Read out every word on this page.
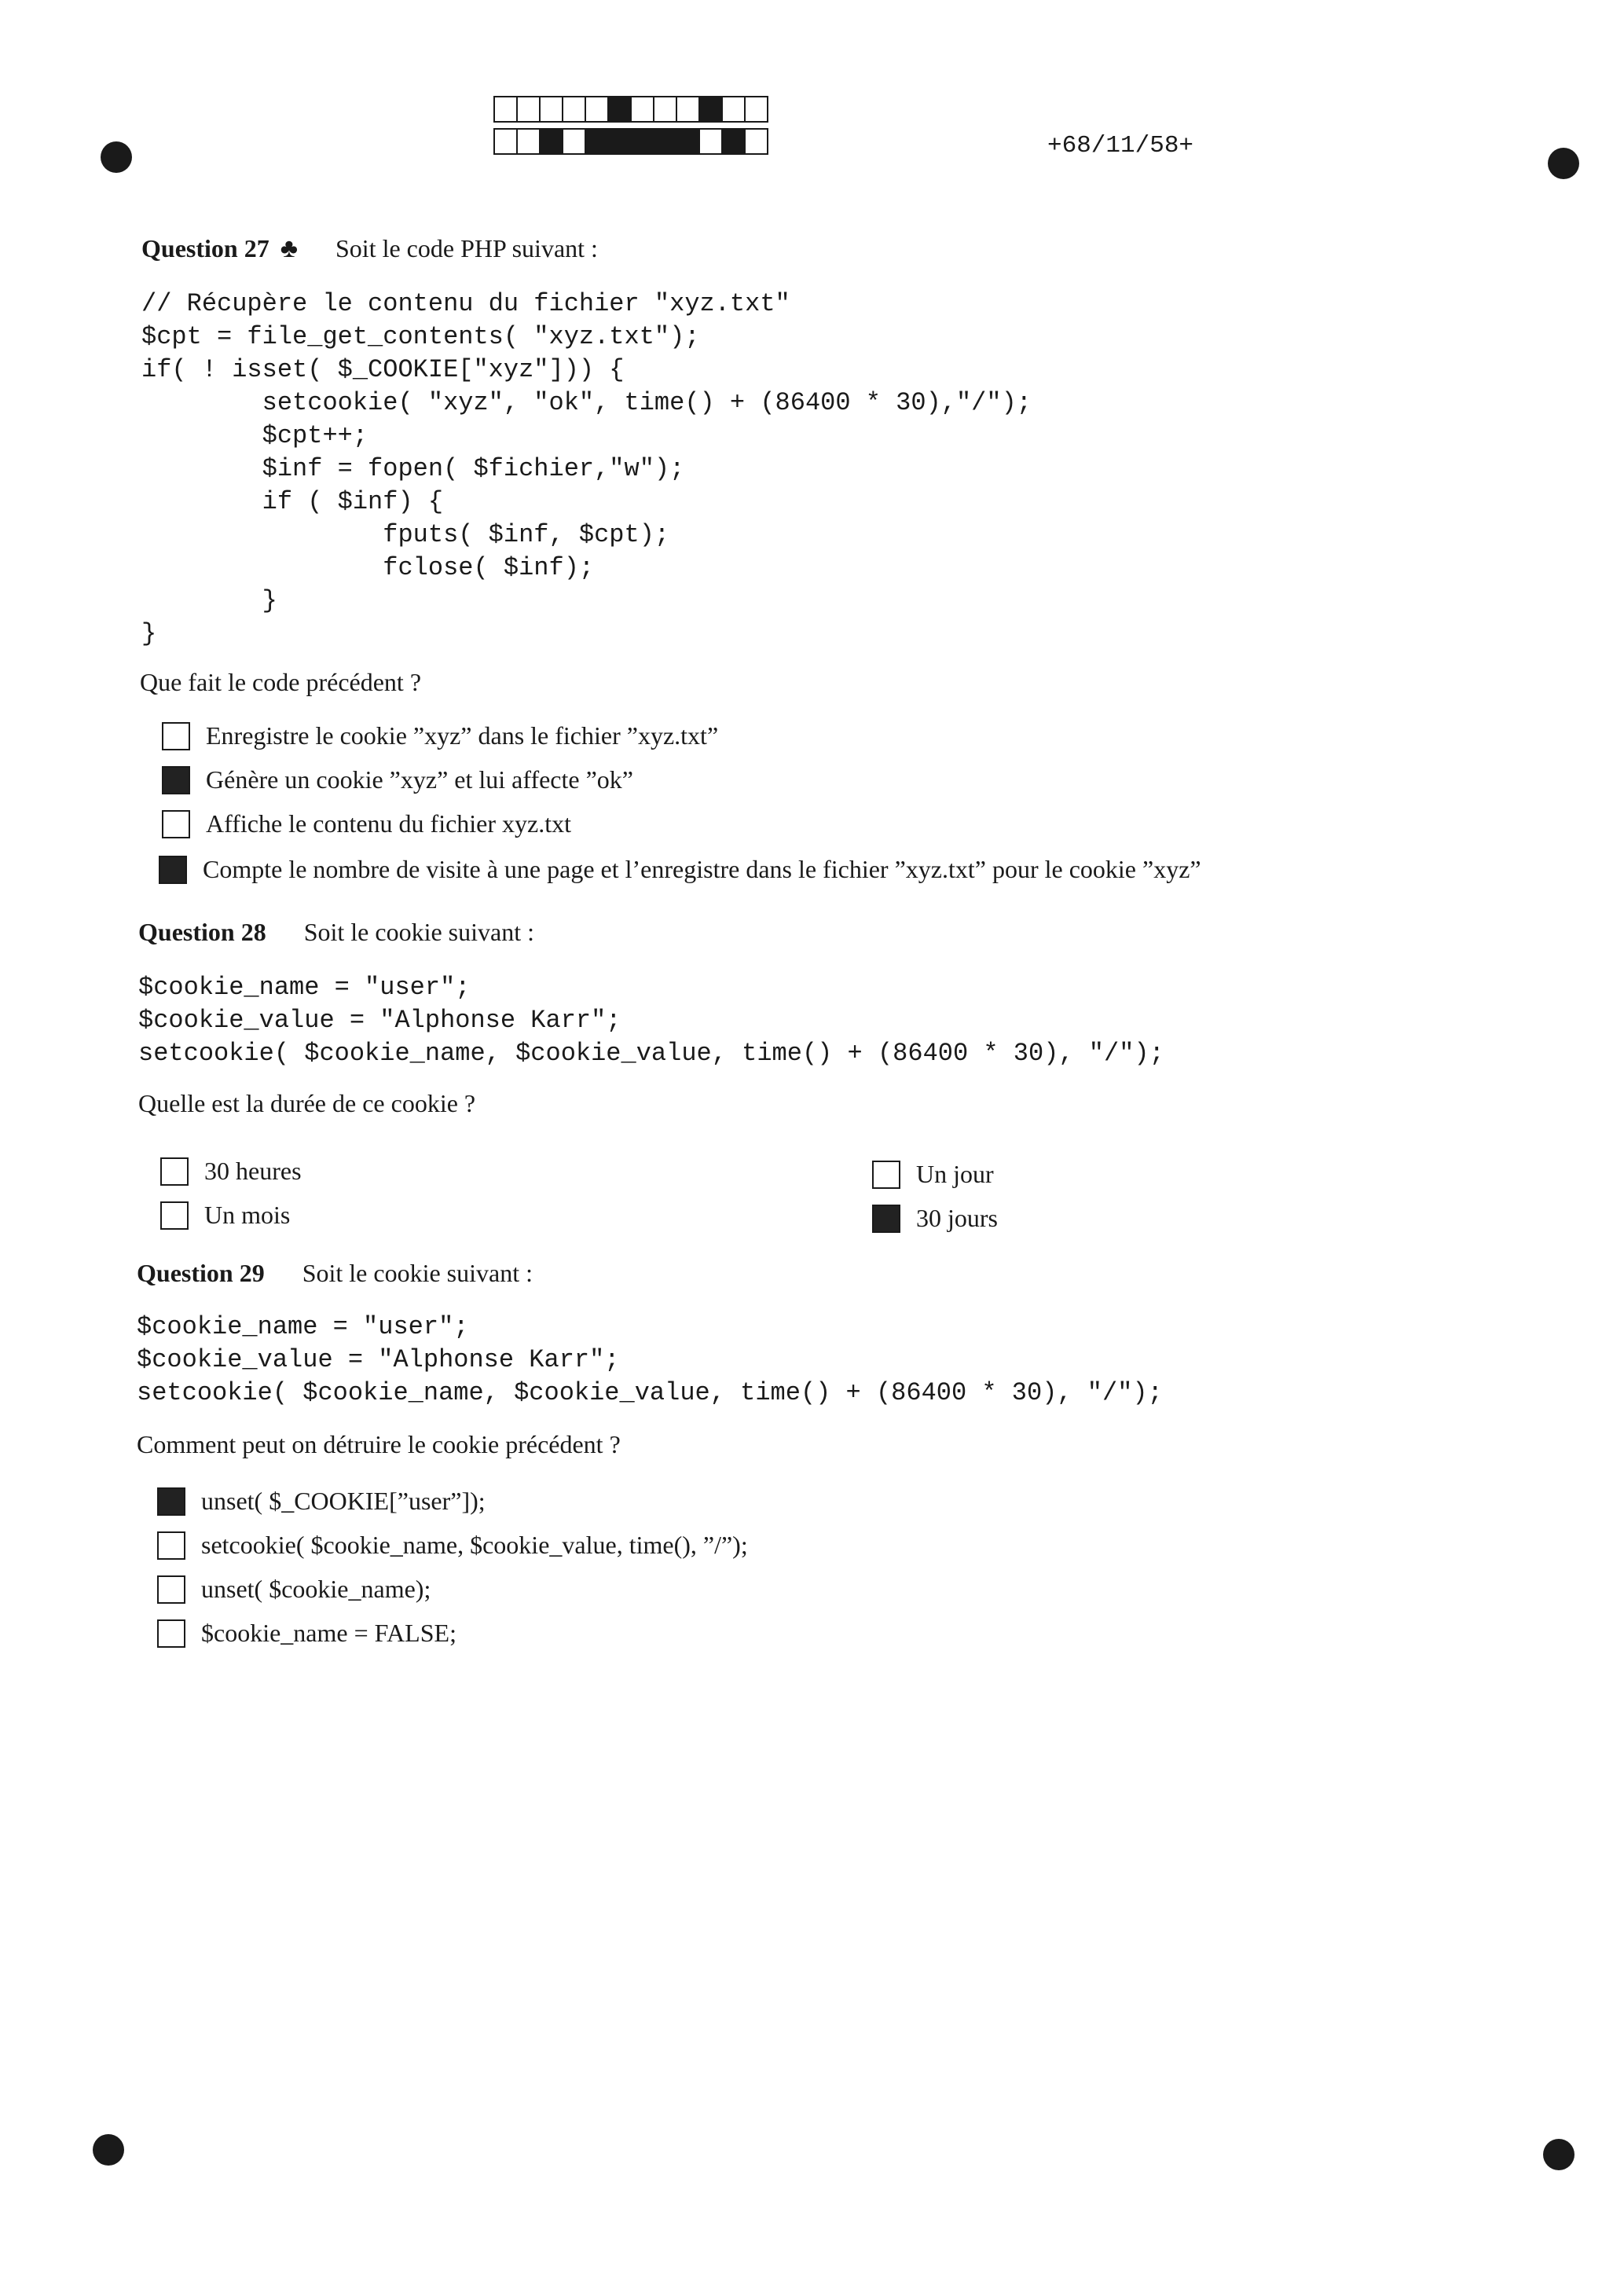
+68/11/58+
Question 27 ♣ Soit le code PHP suivant :
// Récupère le contenu du fichier "xyz.txt"
$cpt = file_get_contents( "xyz.txt");
if( ! isset( $_COOKIE["xyz"])) {
setcookie( "xyz", "ok", time() + (86400 * 30),"/");
$cpt++;
$inf = fopen( $fichier,"w");
if ( $inf) {
fputs( $inf, $cpt);
fclose( $inf);
}
}
Que fait le code précédent ?
Enregistre le cookie ”xyz” dans le fichier ”xyz.txt”
Génère un cookie ”xyz” et lui affecte ”ok”
Affiche le contenu du fichier xyz.txt
Compte le nombre de visite à une page et l’enregistre dans le fichier ”xyz.txt” pour le cookie ”xyz”
Question 28 Soit le cookie suivant :
$cookie_name = "user";
$cookie_value = "Alphonse Karr";
setcookie( $cookie_name, $cookie_value, time() + (86400 * 30), "/");
Quelle est la durée de ce cookie ?
30 heures
Un mois
Un jour
30 jours
Question 29 Soit le cookie suivant :
$cookie_name = "user";
$cookie_value = "Alphonse Karr";
setcookie( $cookie_name, $cookie_value, time() + (86400 * 30), "/");
Comment peut on détruire le cookie précédent ?
unset( $_COOKIE[”user”]);
setcookie( $cookie_name, $cookie_value, time(), ”/”);
unset( $cookie_name);
$cookie_name = FALSE;
